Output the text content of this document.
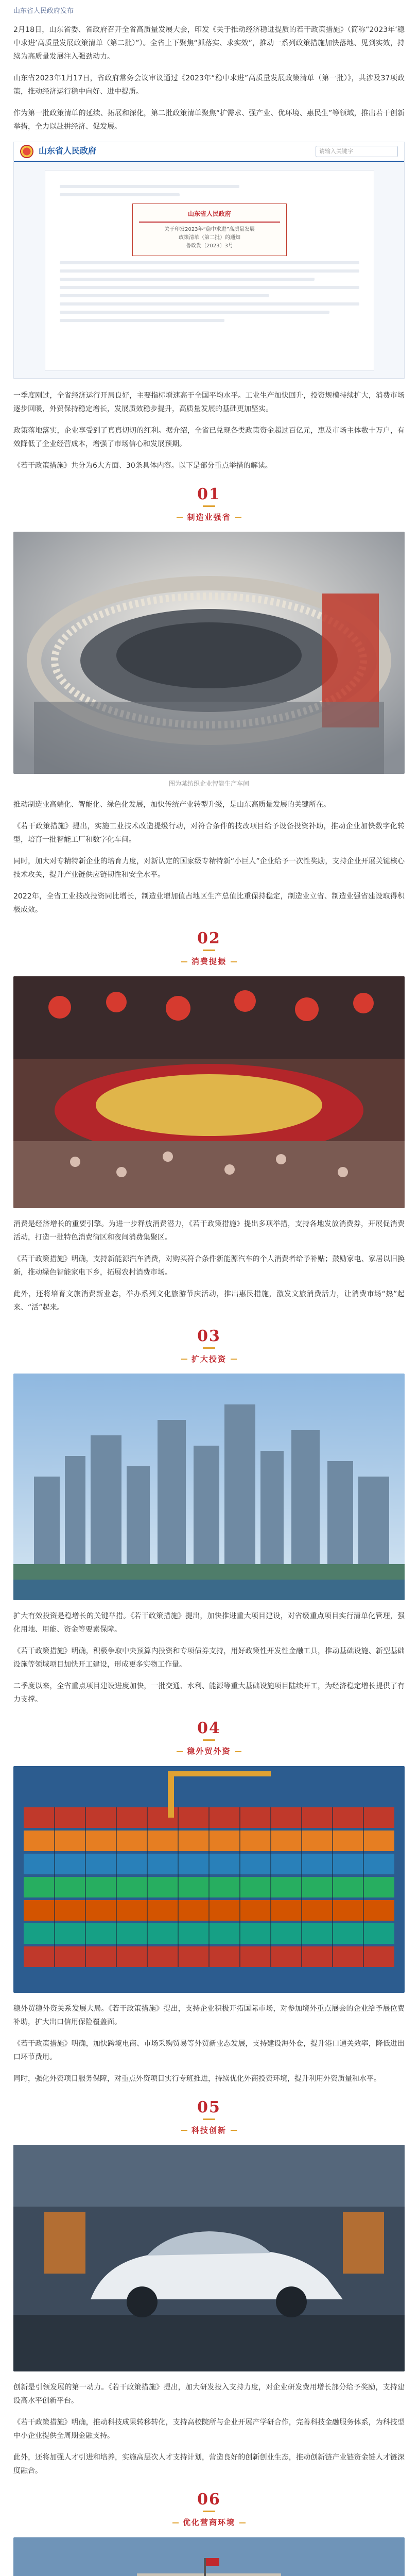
山东省人民政府发布

2月18日，山东省委、省政府召开全省高质量发展大会，印发《关于推动经济稳进提质的若干政策措施》（简称“2023年‘稳中求进’高质量发展政策清单（第二批）”）。全省上下聚焦“抓落实、求实效”，推动一系列政策措施加快落地、见到实效，持续为高质量发展注入强劲动力。

山东省2023年1月17日，省政府常务会议审议通过《2023年“稳中求进”高质量发展政策清单（第一批）》，共涉及37项政策，推动经济运行稳中向好、进中提质。

作为第一批政策清单的延续、拓展和深化，第二批政策清单聚焦“扩需求、强产业、优环境、惠民生”等领域，推出若干创新举措，全力以赴拼经济、促发展。

山东省人民政府	请输入关键字
山东省人民政府
关于印发2023年“稳中求进”高质量发展
政策清单（第二批）的通知
鲁政发〔2023〕3号

一季度刚过，全省经济运行开局良好，主要指标增速高于全国平均水平。工业生产加快回升，投资规模持续扩大，消费市场逐步回暖，外贸保持稳定增长，发展质效稳步提升，高质量发展的基础更加坚实。

政策落地落实，企业享受到了真真切切的红利。据介绍，全省已兑现各类政策资金超过百亿元，惠及市场主体数十万户，有效降低了企业经营成本，增强了市场信心和发展预期。

《若干政策措施》共分为6大方面、30条具体内容。以下是部分重点举措的解读。

01
制造业强省
图为某纺织企业智能生产车间

推动制造业高端化、智能化、绿色化发展，加快传统产业转型升级，是山东高质量发展的关键所在。

《若干政策措施》提出，实施工业技术改造提级行动，对符合条件的技改项目给予设备投资补助，推动企业加快数字化转型，培育一批智能工厂和数字化车间。

同时，加大对专精特新企业的培育力度，对新认定的国家级专精特新“小巨人”企业给予一次性奖励，支持企业开展关键核心技术攻关，提升产业链供应链韧性和安全水平。

2022年，全省工业技改投资同比增长，制造业增加值占地区生产总值比重保持稳定，制造业立省、制造业强省建设取得积极成效。

02
消费提振

消费是经济增长的重要引擎。为进一步释放消费潜力，《若干政策措施》提出多项举措，支持各地发放消费券，开展促消费活动，打造一批特色消费街区和夜间消费集聚区。

《若干政策措施》明确，支持新能源汽车消费，对购买符合条件新能源汽车的个人消费者给予补贴；鼓励家电、家居以旧换新，推动绿色智能家电下乡，拓展农村消费市场。

此外，还将培育文旅消费新业态，举办系列文化旅游节庆活动，推出惠民措施，激发文旅消费活力，让消费市场“热”起来、“活”起来。

03
扩大投资

扩大有效投资是稳增长的关键举措。《若干政策措施》提出，加快推进重大项目建设，对省级重点项目实行清单化管理，强化用地、用能、资金等要素保障。

《若干政策措施》明确，积极争取中央预算内投资和专项债券支持，用好政策性开发性金融工具，推动基础设施、新型基础设施等领域项目加快开工建设，形成更多实物工作量。

二季度以来，全省重点项目建设进度加快，一批交通、水利、能源等重大基础设施项目陆续开工，为经济稳定增长提供了有力支撑。

04
稳外贸外资

稳外贸稳外资关系发展大局。《若干政策措施》提出，支持企业积极开拓国际市场，对参加境外重点展会的企业给予展位费补助，扩大出口信用保险覆盖面。

《若干政策措施》明确，加快跨境电商、市场采购贸易等外贸新业态发展，支持建设海外仓，提升港口通关效率，降低进出口环节费用。

同时，强化外资项目服务保障，对重点外资项目实行专班推进，持续优化外商投资环境，提升利用外资质量和水平。

05
科技创新

创新是引领发展的第一动力。《若干政策措施》提出，加大研发投入支持力度，对企业研发费用增长部分给予奖励，支持建设高水平创新平台。

《若干政策措施》明确，推动科技成果转移转化，支持高校院所与企业开展产学研合作，完善科技金融服务体系，为科技型中小企业提供全周期金融支持。

此外，还将加强人才引进和培养，实施高层次人才支持计划，营造良好的创新创业生态，推动创新链产业链资金链人才链深度融合。

06
优化营商环境
